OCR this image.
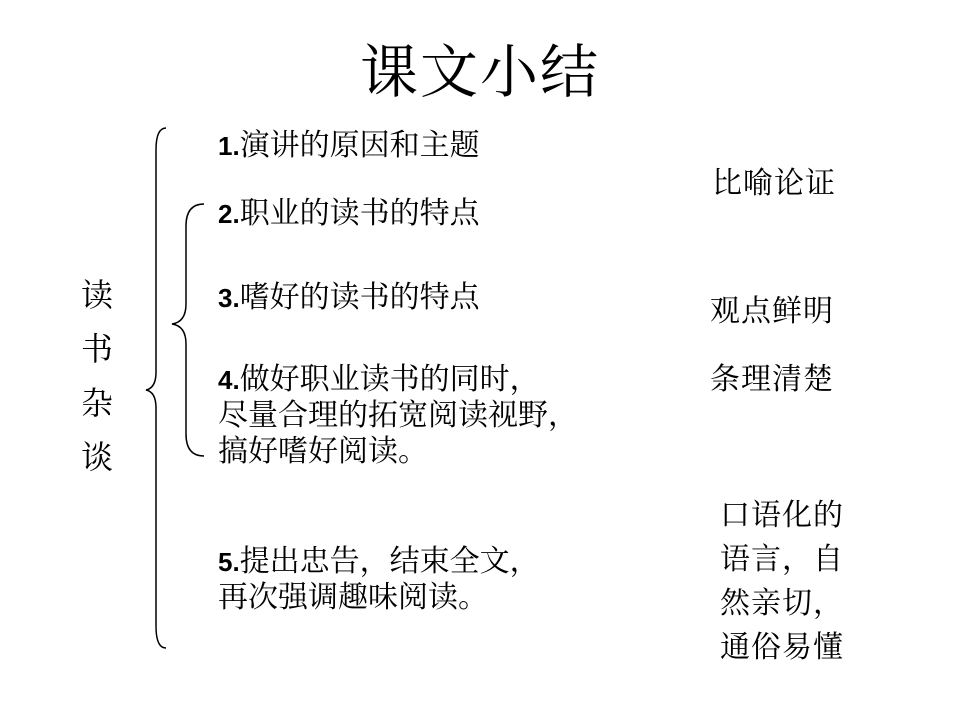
课文小结
读书杂谈
1.演讲的原因和主题
2.职业的读书的特点
3.嗜好的读书的特点
4.做好职业读书的同时，
尽量合理的拓宽阅读视野，
搞好嗜好阅读。
5.提出忠告，结束全文，
再次强调趣味阅读。
比喻论证
观点鲜明
条理清楚
口语化的
语言，自
然亲切，
通俗易懂
